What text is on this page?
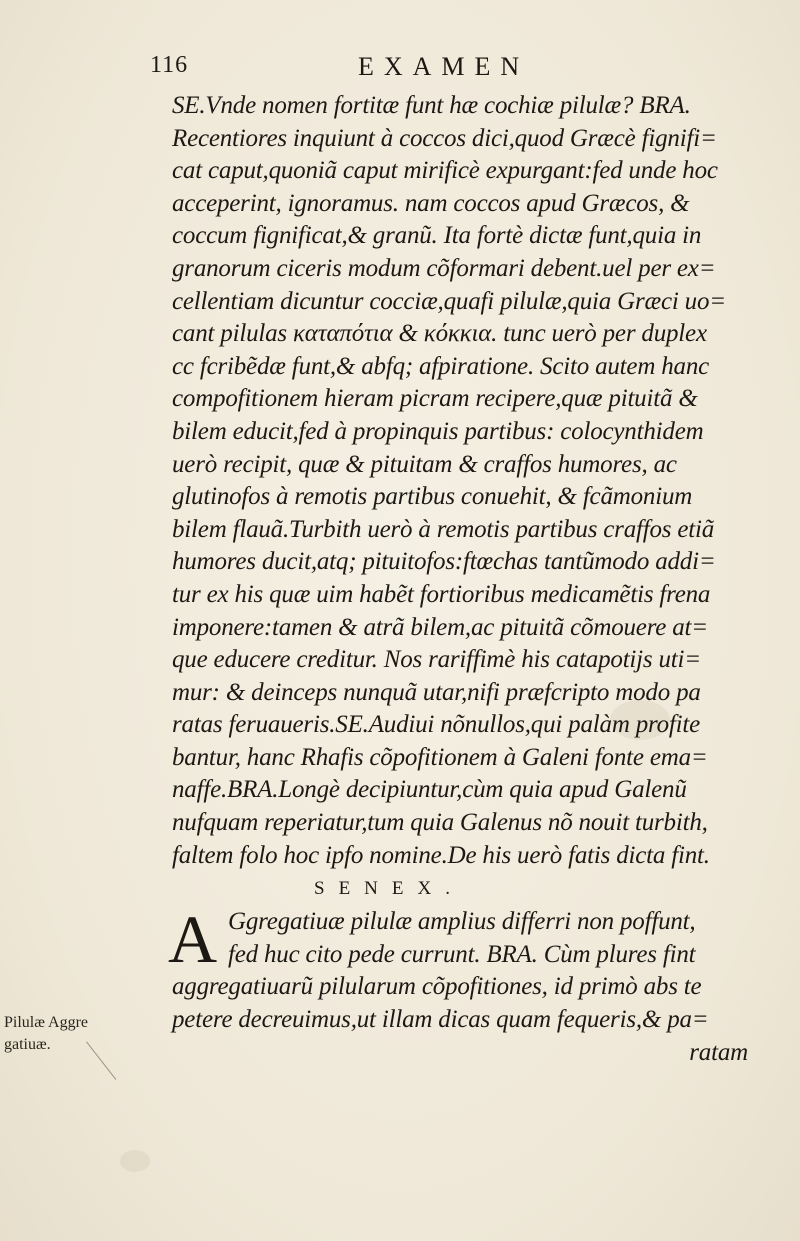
116	EXAMEN
SE.Vnde nomen fortitæ funt hæ cochiæ pilulæ? BRA.
Recentiores inquiunt à coccos dici,quod Græcè fignifi=
cat caput,quoniã caput mirificè expurgant:fed unde hoc
acceperint, ignoramus. nam coccos apud Græcos, &
coccum fignificat,& granũ. Ita fortè dictæ funt,quia in
granorum ciceris modum cõformari debent.uel per ex=
cellentiam dicuntur cocciæ,quafi pilulæ,quia Græci uo=
cant pilulas καταπότια & κόκκια. tunc uerò per duplex
cc fcribẽdæ funt,& abfq; afpiratione. Scito autem hanc
compofitionem hieram picram recipere,quæ pituitã &
bilem educit,fed à propinquis partibus: colocynthidem
uerò recipit, quæ & pituitam & craffos humores, ac
glutinofos à remotis partibus conuehit, & fcãmonium
bilem flauã.Turbith uerò à remotis partibus craffos etiã
humores ducit,atq; pituitofos:ftœchas tantũmodo addi=
tur ex his quæ uim habẽt fortioribus medicamẽtis frena
imponere:tamen & atrã bilem,ac pituitã cõmouere at=
que educere creditur. Nos rariffimè his catapotijs uti=
mur: & deinceps nunquã utar,nifi præfcripto modo pa
ratas feruaueris.SE.Audiui nõnullos,qui palàm profite
bantur, hanc Rhafis cõpofitionem à Galeni fonte ema=
naffe.BRA.Longè decipiuntur,cùm quia apud Galenũ
nufquam reperiatur,tum quia Galenus nõ nouit turbith,
faltem folo hoc ipfo nomine.De his uerò fatis dicta fint.
SENEX.
A Ggregatiuæ pilulæ amplius differri non poffunt,
fed huc cito pede currunt. BRA. Cùm plures fint
aggregatiuarũ pilularum cõpofitiones, id primò abs te
petere decreuimus,ut illam dicas quam fequeris,& pa=
ratam
Pilulæ Aggre
gatiuæ.
